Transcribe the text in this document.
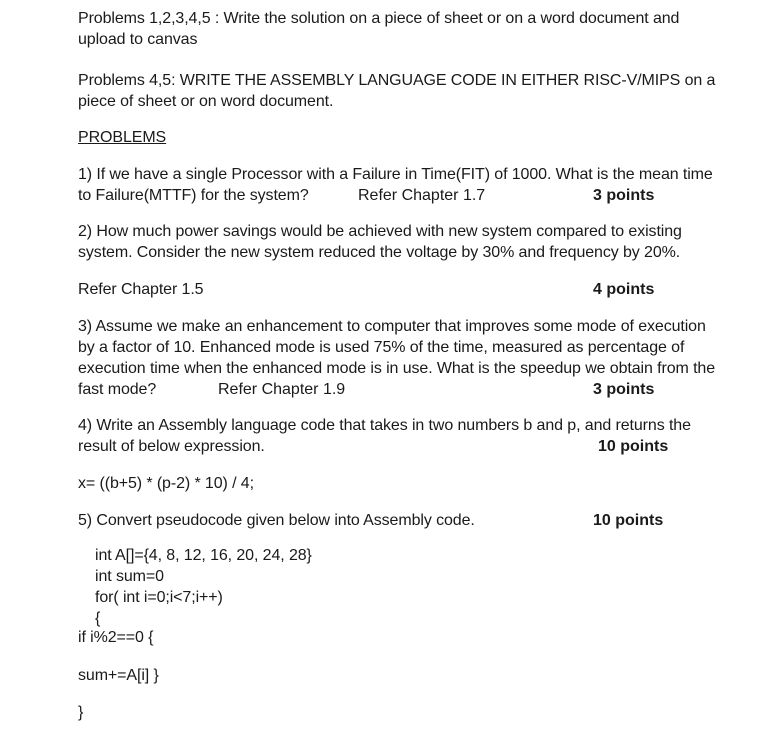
Problems 1,2,3,4,5 : Write the solution on a piece of sheet or on a word document and
upload to canvas
Problems 4,5: WRITE THE ASSEMBLY LANGUAGE CODE IN EITHER RISC-V/MIPS on a
piece of sheet or on word document.
PROBLEMS
1) If we have a single Processor with a Failure in Time(FIT) of 1000. What is the mean time
to Failure(MTTF) for the system?	Refer Chapter 1.7	3 points
2) How much power savings would be achieved with new system compared to existing
system. Consider the new system reduced the voltage by 30% and frequency by 20%.
Refer Chapter 1.5	4 points
3) Assume we make an enhancement to computer that improves some mode of execution
by a factor of 10. Enhanced mode is used 75% of the time, measured as percentage of
execution time when the enhanced mode is in use. What is the speedup we obtain from the
fast mode?	Refer Chapter 1.9	3 points
4) Write an Assembly language code that takes in two numbers b and p, and returns the
result of below expression.	10 points
x= ((b+5) * (p-2) * 10) / 4;
5) Convert pseudocode given below into Assembly code.	10 points
int A[]={4, 8, 12, 16, 20, 24, 28}
int sum=0
for( int i=0;i<7;i++)
{
if i%2==0 {
sum+=A[i] }
}
